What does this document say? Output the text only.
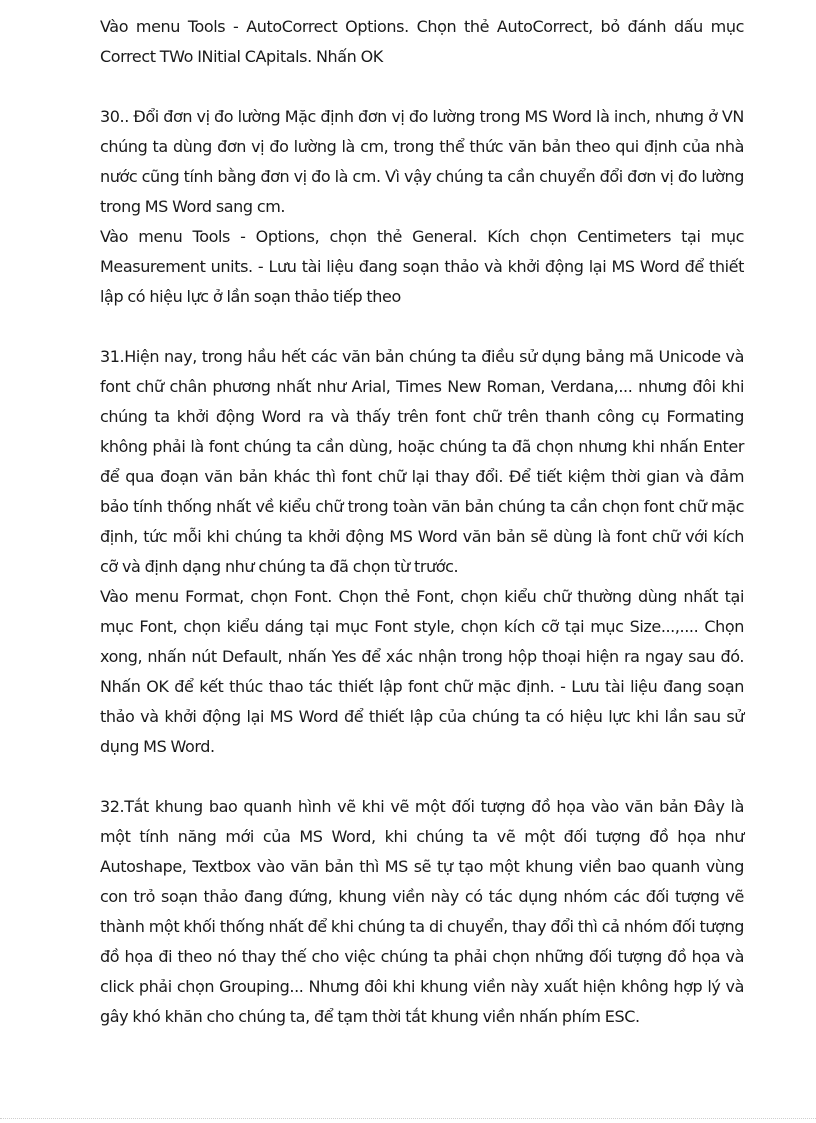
Vào menu Tools - AutoCorrect Options. Chọn thẻ AutoCorrect, bỏ đánh dấu mục Correct TWo INitial CApitals. Nhấn OK

30.. Đổi đơn vị đo lường Mặc định đơn vị đo lường trong MS Word là inch, nhưng ở VN chúng ta dùng đơn vị đo lường là cm, trong thể thức văn bản theo qui định của nhà nước cũng tính bằng đơn vị đo là cm. Vì vậy chúng ta cần chuyển đổi đơn vị đo lường trong MS Word sang cm.

Vào menu Tools - Options, chọn thẻ General. Kích chọn Centimeters tại mục Measurement units. - Lưu tài liệu đang soạn thảo và khởi động lại MS Word để thiết lập có hiệu lực ở lần soạn thảo tiếp theo

31.Hiện nay, trong hầu hết các văn bản chúng ta điều sử dụng bảng mã Unicode và font chữ chân phương nhất như Arial, Times New Roman, Verdana,... nhưng đôi khi chúng ta khởi động Word ra và thấy trên font chữ trên thanh công cụ Formating không phải là font chúng ta cần dùng, hoặc chúng ta đã chọn nhưng khi nhấn Enter để qua đoạn văn bản khác thì font chữ lại thay đổi. Để tiết kiệm thời gian và đảm bảo tính thống nhất về kiểu chữ trong toàn văn bản chúng ta cần chọn font chữ mặc định, tức mỗi khi chúng ta khởi động MS Word văn bản sẽ dùng là font chữ với kích cỡ và định dạng như chúng ta đã chọn từ trước.

Vào menu Format, chọn Font. Chọn thẻ Font, chọn kiểu chữ thường dùng nhất tại mục Font, chọn kiểu dáng tại mục Font style, chọn kích cỡ tại mục Size...,.... Chọn xong, nhấn nút Default, nhấn Yes để xác nhận trong hộp thoại hiện ra ngay sau đó. Nhấn OK để kết thúc thao tác thiết lập font chữ mặc định. - Lưu tài liệu đang soạn thảo và khởi động lại MS Word để thiết lập của chúng ta có hiệu lực khi lần sau sử dụng MS Word.

32.Tắt khung bao quanh hình vẽ khi vẽ một đối tượng đồ họa vào văn bản Đây là một tính năng mới của MS Word, khi chúng ta vẽ một đối tượng đồ họa như Autoshape, Textbox vào văn bản thì MS sẽ tự tạo một khung viền bao quanh vùng con trỏ soạn thảo đang đứng, khung viền này có tác dụng nhóm các đối tượng vẽ thành một khối thống nhất để khi chúng ta di chuyển, thay đổi thì cả nhóm đối tượng đồ họa đi theo nó thay thế cho việc chúng ta phải chọn những đối tượng đồ họa và click phải chọn Grouping... Nhưng đôi khi khung viền này xuất hiện không hợp lý và gây khó khăn cho chúng ta, để tạm thời tắt khung viền nhấn phím ESC.
